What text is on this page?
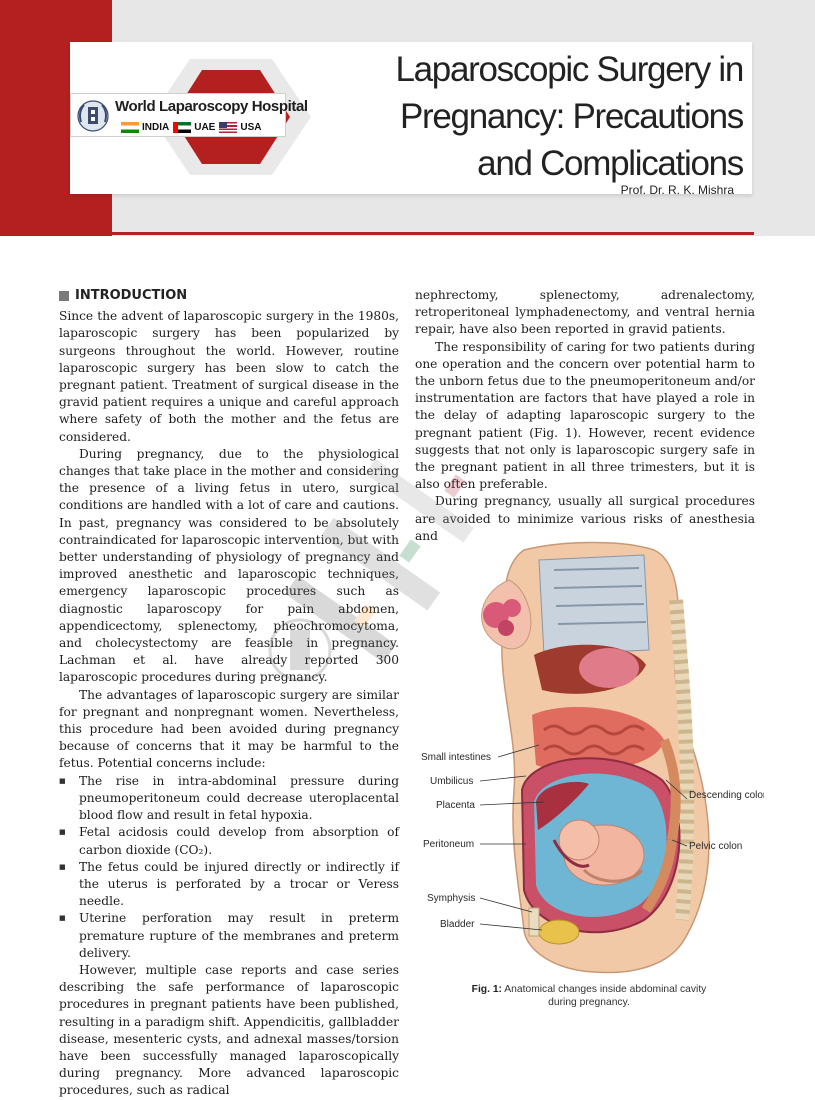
World Laparoscopy Hospital
INDIA	UAE	USA
Laparoscopic Surgery in
Pregnancy: Precautions
and Complications
Prof. Dr. R. K. Mishra
INTRODUCTION

Since the advent of laparoscopic surgery in the 1980s, laparoscopic surgery has been popularized by surgeons throughout the world. However, routine laparoscopic surgery has been slow to catch the pregnant patient. Treatment of surgical disease in the gravid patient requires a unique and careful approach where safety of both the mother and the fetus are considered.

During pregnancy, due to the physiological changes that take place in the mother and considering the presence of a living fetus in utero, surgical conditions are handled with a lot of care and cautions. In past, pregnancy was considered to be absolutely contraindicated for laparoscopic intervention, but with better understanding of physiology of pregnancy and improved anesthetic and laparoscopic techniques, emergency laparoscopic procedures such as diagnostic laparoscopy for pain abdomen, appendicectomy, splenectomy, pheochromocytoma, and cholecystectomy are feasible in pregnancy. Lachman et al. have already reported 300 laparoscopic procedures during pregnancy.

The advantages of laparoscopic surgery are similar for pregnant and nonpregnant women. Nevertheless, this procedure had been avoided during pregnancy because of concerns that it may be harmful to the fetus. Potential concerns include:

■ The rise in intra-abdominal pressure during pneumoperitoneum could decrease uteroplacental blood flow and result in fetal hypoxia.
■ Fetal acidosis could develop from absorption of carbon dioxide (CO₂).
■ The fetus could be injured directly or indirectly if the uterus is perforated by a trocar or Veress needle.
■ Uterine perforation may result in preterm premature rupture of the membranes and preterm delivery.

However, multiple case reports and case series describing the safe performance of laparoscopic procedures in pregnant patients have been published, resulting in a paradigm shift. Appendicitis, gallbladder disease, mesenteric cysts, and adnexal masses/torsion have been successfully managed laparoscopically during pregnancy. More advanced laparoscopic procedures, such as radical

nephrectomy, splenectomy, adrenalectomy, retroperitoneal lymphadenectomy, and ventral hernia repair, have also been reported in gravid patients.

The responsibility of caring for two patients during one operation and the concern over potential harm to the unborn fetus due to the pneumoperitoneum and/or instrumentation are factors that have played a role in the delay of adapting laparoscopic surgery to the pregnant patient (Fig. 1). However, recent evidence suggests that not only is laparoscopic surgery safe in the pregnant patient in all three trimesters, but it is also often preferable.

During pregnancy, usually all surgical procedures are avoided to minimize various risks of anesthesia and

Small intestines
Umbilicus
Placenta
Peritoneum
Symphysis
Bladder
Descending colon
Pelvic colon
Fig. 1: Anatomical changes inside abdominal cavity during pregnancy.
